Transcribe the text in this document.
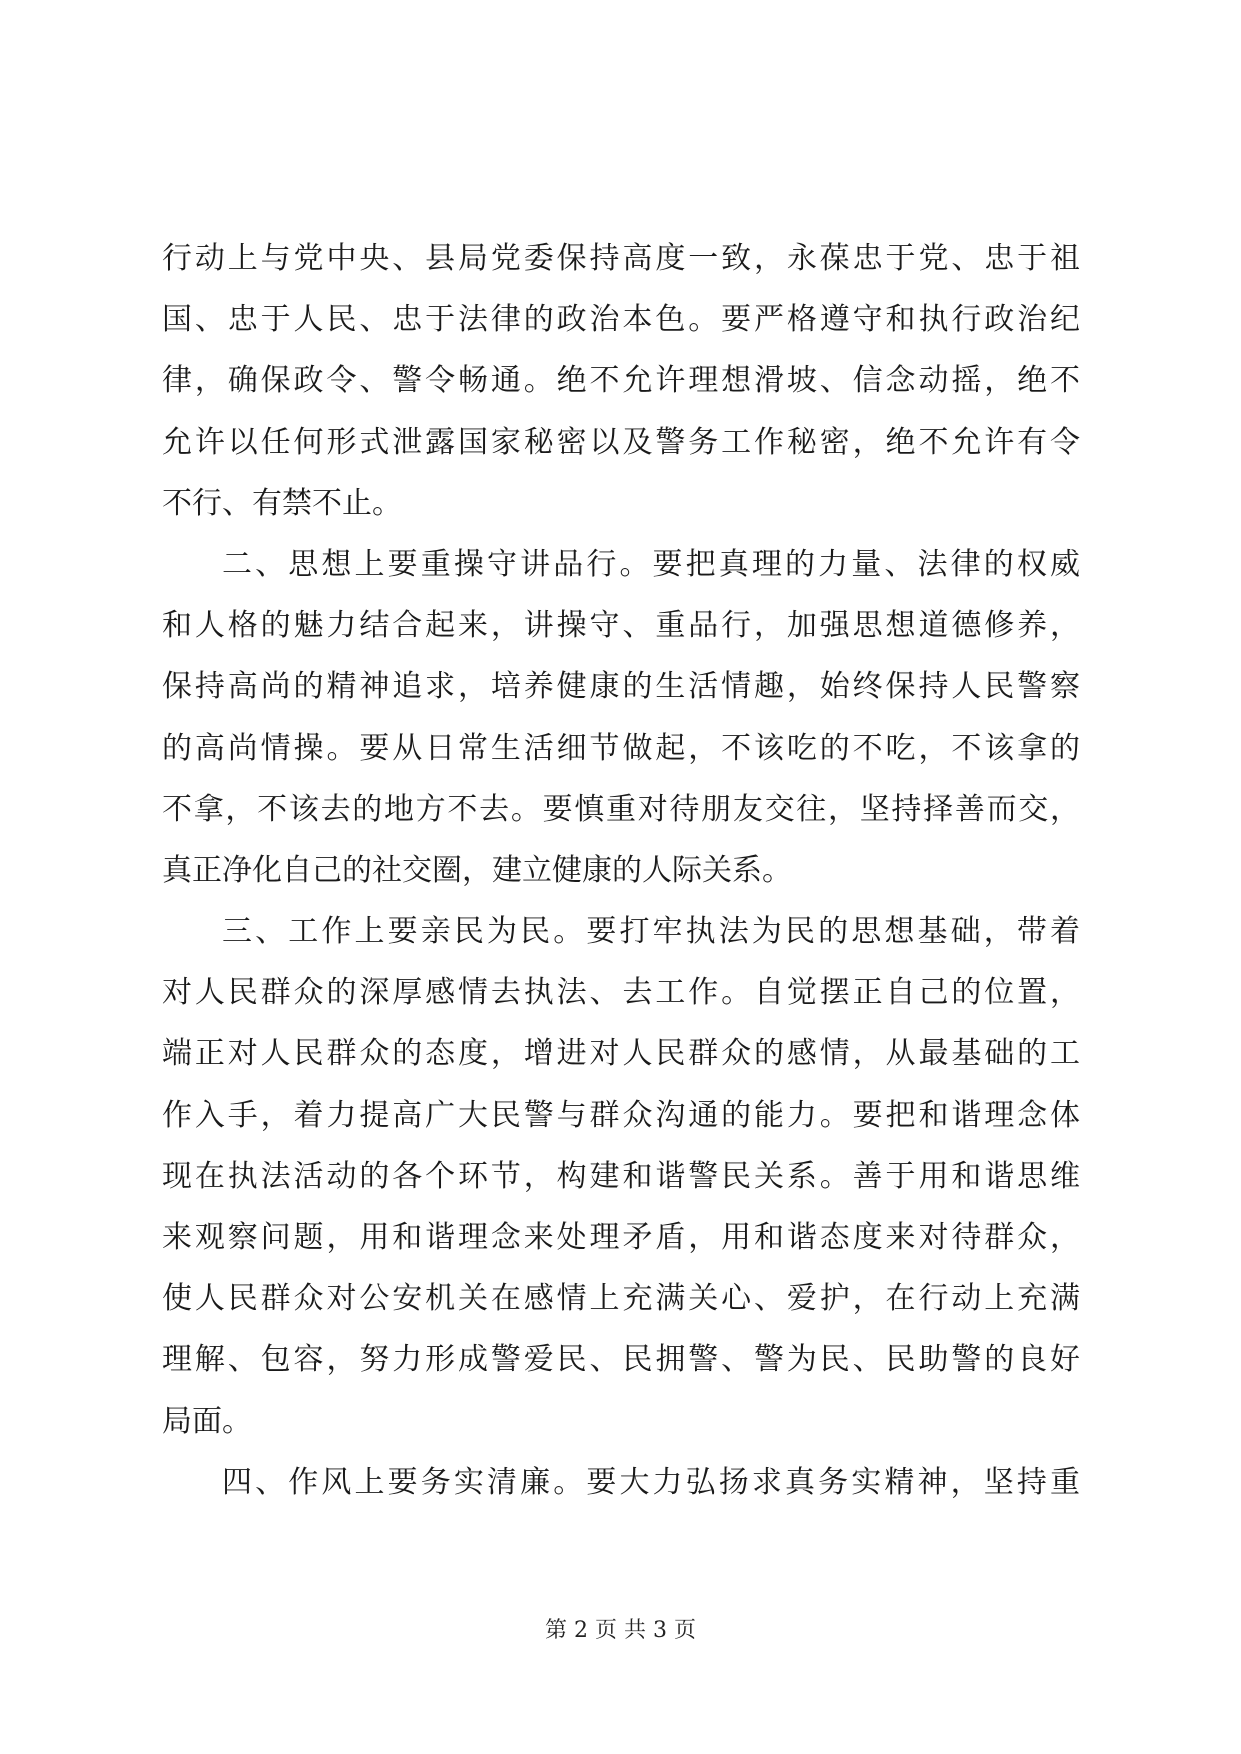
行动上与党中央、县局党委保持高度一致，永葆忠于党、忠于祖
国、忠于人民、忠于法律的政治本色。要严格遵守和执行政治纪
律，确保政令、警令畅通。绝不允许理想滑坡、信念动摇，绝不
允许以任何形式泄露国家秘密以及警务工作秘密，绝不允许有令
不行、有禁不止。
二、思想上要重操守讲品行。要把真理的力量、法律的权威
和人格的魅力结合起来，讲操守、重品行，加强思想道德修养，
保持高尚的精神追求，培养健康的生活情趣，始终保持人民警察
的高尚情操。要从日常生活细节做起，不该吃的不吃，不该拿的
不拿，不该去的地方不去。要慎重对待朋友交往，坚持择善而交，
真正净化自己的社交圈，建立健康的人际关系。
三、工作上要亲民为民。要打牢执法为民的思想基础，带着
对人民群众的深厚感情去执法、去工作。自觉摆正自己的位置，
端正对人民群众的态度，增进对人民群众的感情，从最基础的工
作入手，着力提高广大民警与群众沟通的能力。要把和谐理念体
现在执法活动的各个环节，构建和谐警民关系。善于用和谐思维
来观察问题，用和谐理念来处理矛盾，用和谐态度来对待群众，
使人民群众对公安机关在感情上充满关心、爱护，在行动上充满
理解、包容，努力形成警爱民、民拥警、警为民、民助警的良好
局面。
四、作风上要务实清廉。要大力弘扬求真务实精神，坚持重
第 2 页 共 3 页
